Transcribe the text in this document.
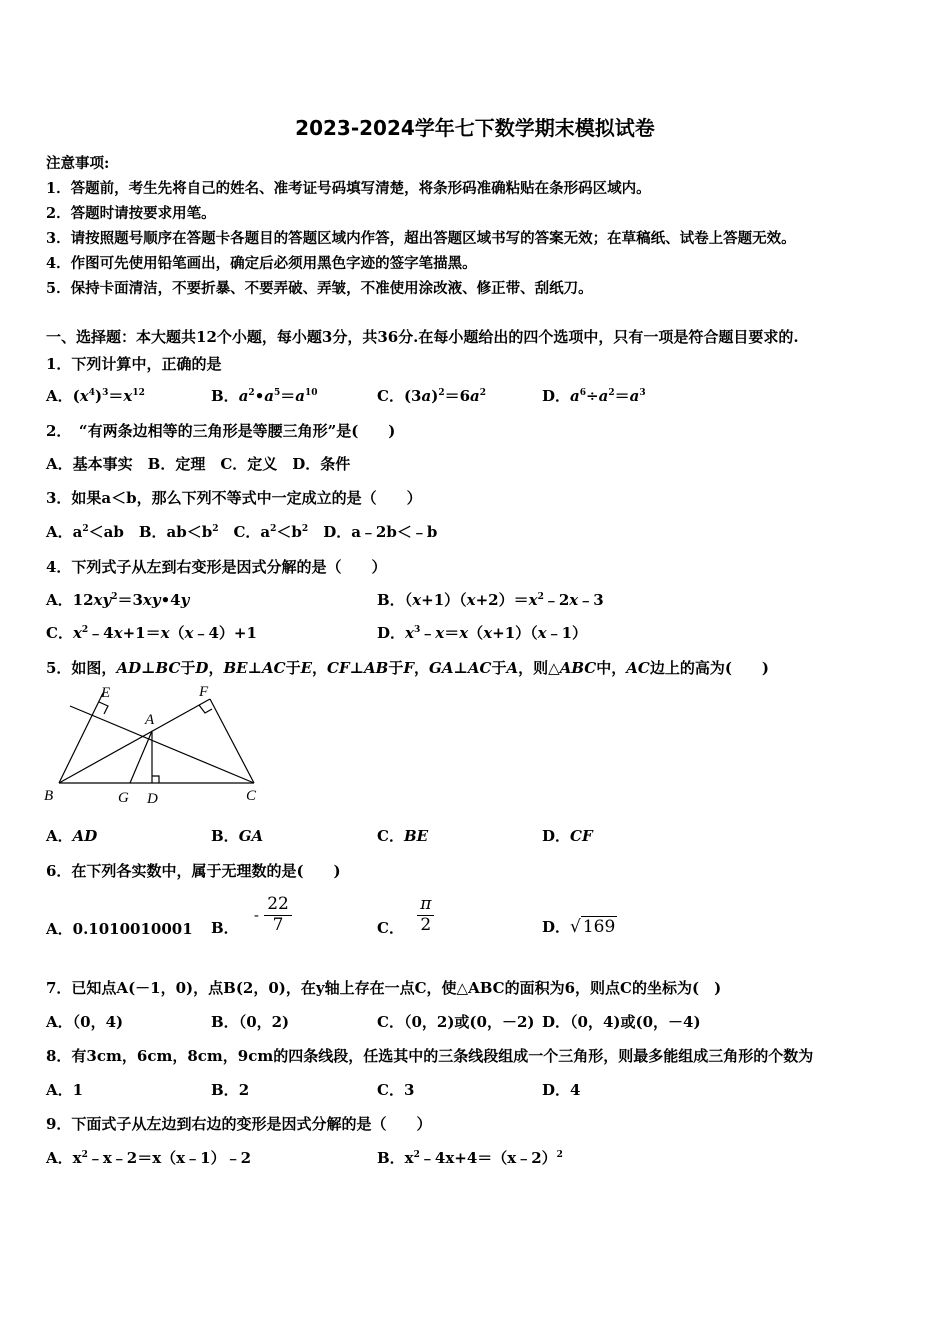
2023-2024学年七下数学期末模拟试卷
注意事项:
1．答题前，考生先将自己的姓名、准考证号码填写清楚，将条形码准确粘贴在条形码区域内。
2．答题时请按要求用笔。
3．请按照题号顺序在答题卡各题目的答题区域内作答，超出答题区域书写的答案无效；在草稿纸、试卷上答题无效。
4．作图可先使用铅笔画出，确定后必须用黑色字迹的签字笔描黑。
5．保持卡面清洁，不要折暴、不要弄破、弄皱，不准使用涂改液、修正带、刮纸刀。
一、选择题：本大题共12个小题，每小题3分，共36分.在每小题给出的四个选项中，只有一项是符合题目要求的.
1．下列计算中，正确的是
A．$(x^4)^3=x^{12}$	B．$a^2•a^5=a^{10}$	C．$(3a)^2=6a^2$	D．$a^6\div a^2=a^3$
2．　“有两条边相等的三角形是等腰三角形”是(　　)
A．基本事实　B．定理　C．定义　D．条件
3．如果a＜b，那么下列不等式中一定成立的是（　　）
A．$a^2<ab$　B．$ab<b^2$　C．$a^2<b^2$　D．a﹣2b＜﹣b
4．下列式子从左到右变形是因式分解的是（　　）
A．$12xy^2=3xy•4y$	B．$(x+1)(x+2)=x^2﹣2x﹣3$
C．$x^2﹣4x+1=x(x﹣4)+1$	D．$x^3﹣x=x(x+1)(x﹣1)$
5．如图，AD⊥BC于D，BE⊥AC于E，CF⊥AB于F，GA⊥AC于A，则△ABC中，AC边上的高为(　　)
E	F
A
B	G D	C
A．AD	B．GA	C．BE	D．CF
6．在下列各实数中，属于无理数的是(　　)
A．0.1010010001 B． - $\frac{22}{7}$	C． $\frac{\pi}{2}$	D．√ 169
7．已知点A(－1，0)，点B(2，0)，在y轴上存在一点C，使△ABC的面积为6，则点C的坐标为(　)
A．（0，4)	B．（0，2)	C．（0，2)或(0，－2) D．（0，4)或(0，－4)
8．有3cm，6cm，8cm，9cm的四条线段，任选其中的三条线段组成一个三角形，则最多能组成三角形的个数为
A．1	B．2	C．3	D．4
9．下面式子从左边到右边的变形是因式分解的是（　　）
A．$x^2﹣x﹣2=x(x﹣1)﹣2$	B．$x^2﹣4x+4=(x﹣2)^2$
